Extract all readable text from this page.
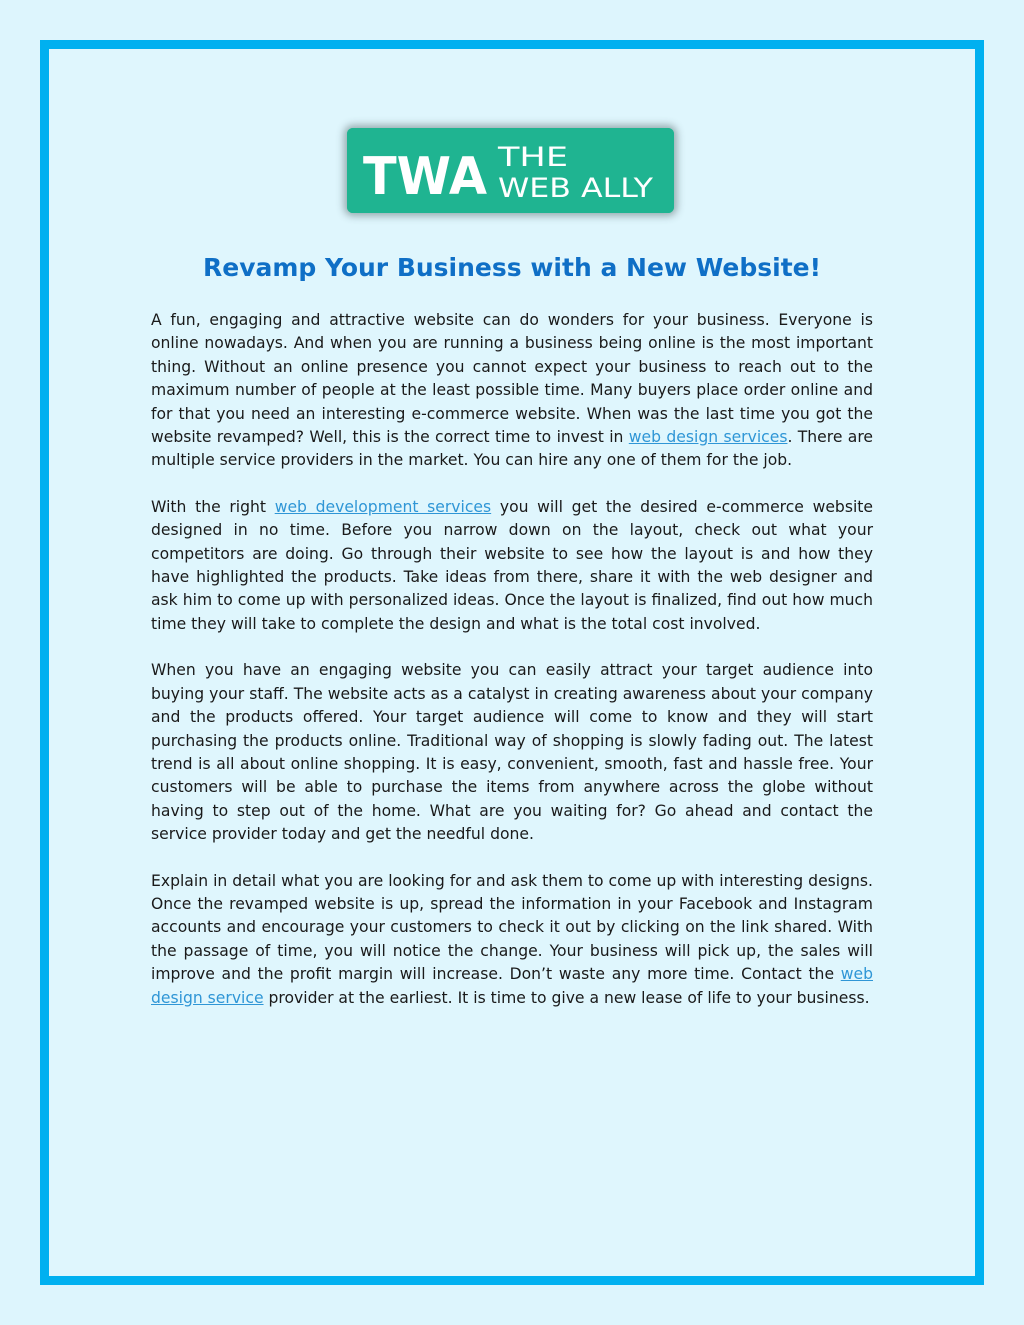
TWA THE
WEB ALLY
Revamp Your Business with a New Website!

A fun, engaging and attractive website can do wonders for your business. Everyone is online nowadays. And when you are running a business being online is the most important thing. Without an online presence you cannot expect your business to reach out to the maximum number of people at the least possible time. Many buyers place order online and for that you need an interesting e-commerce website. When was the last time you got the website revamped? Well, this is the correct time to invest in web design services. There are multiple service providers in the market. You can hire any one of them for the job.

With the right web development services you will get the desired e-commerce website designed in no time. Before you narrow down on the layout, check out what your competitors are doing. Go through their website to see how the layout is and how they have highlighted the products. Take ideas from there, share it with the web designer and ask him to come up with personalized ideas. Once the layout is finalized, find out how much time they will take to complete the design and what is the total cost involved.

When you have an engaging website you can easily attract your target audience into buying your staff. The website acts as a catalyst in creating awareness about your company and the products offered. Your target audience will come to know and they will start purchasing the products online. Traditional way of shopping is slowly fading out. The latest trend is all about online shopping. It is easy, convenient, smooth, fast and hassle free. Your customers will be able to purchase the items from anywhere across the globe without having to step out of the home. What are you waiting for? Go ahead and contact the service provider today and get the needful done.

Explain in detail what you are looking for and ask them to come up with interesting designs. Once the revamped website is up, spread the information in your Facebook and Instagram accounts and encourage your customers to check it out by clicking on the link shared. With the passage of time, you will notice the change. Your business will pick up, the sales will improve and the profit margin will increase. Don’t waste any more time. Contact the web design service provider at the earliest. It is time to give a new lease of life to your business.
